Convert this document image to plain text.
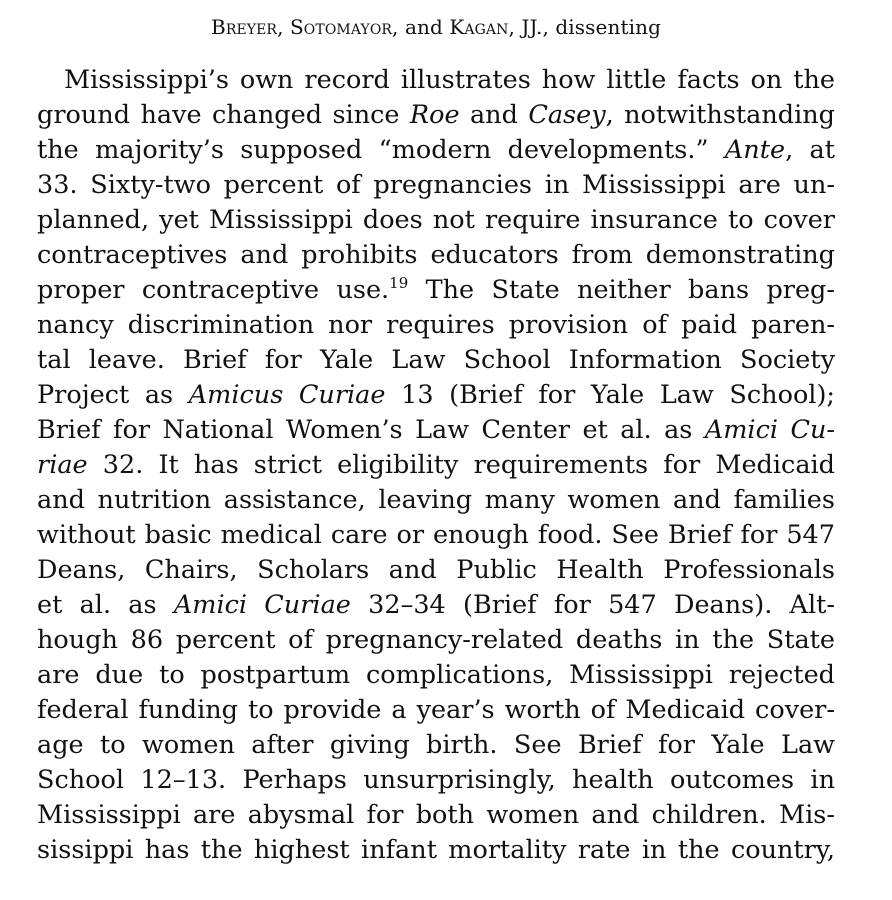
Breyer, Sotomayor, and Kagan, JJ., dissenting
Mississippi’s own record illustrates how little facts on the
ground have changed since Roe and Casey, notwithstanding
the majority’s supposed “modern developments.” Ante, at
33. Sixty-two percent of pregnancies in Mississippi are un-
planned, yet Mississippi does not require insurance to cover
contraceptives and prohibits educators from demonstrating
proper contraceptive use.$^{19}$ The State neither bans preg-
nancy discrimination nor requires provision of paid paren-
tal leave. Brief for Yale Law School Information Society
Project as Amicus Curiae 13 (Brief for Yale Law School);
Brief for National Women’s Law Center et al. as Amici Cu-
riae 32. It has strict eligibility requirements for Medicaid
and nutrition assistance, leaving many women and families
without basic medical care or enough food. See Brief for 547
Deans, Chairs, Scholars and Public Health Professionals
et al. as Amici Curiae 32–34 (Brief for 547 Deans). Alt-
hough 86 percent of pregnancy-related deaths in the State
are due to postpartum complications, Mississippi rejected
federal funding to provide a year’s worth of Medicaid cover-
age to women after giving birth. See Brief for Yale Law
School 12–13. Perhaps unsurprisingly, health outcomes in
Mississippi are abysmal for both women and children. Mis-
sissippi has the highest infant mortality rate in the country,
